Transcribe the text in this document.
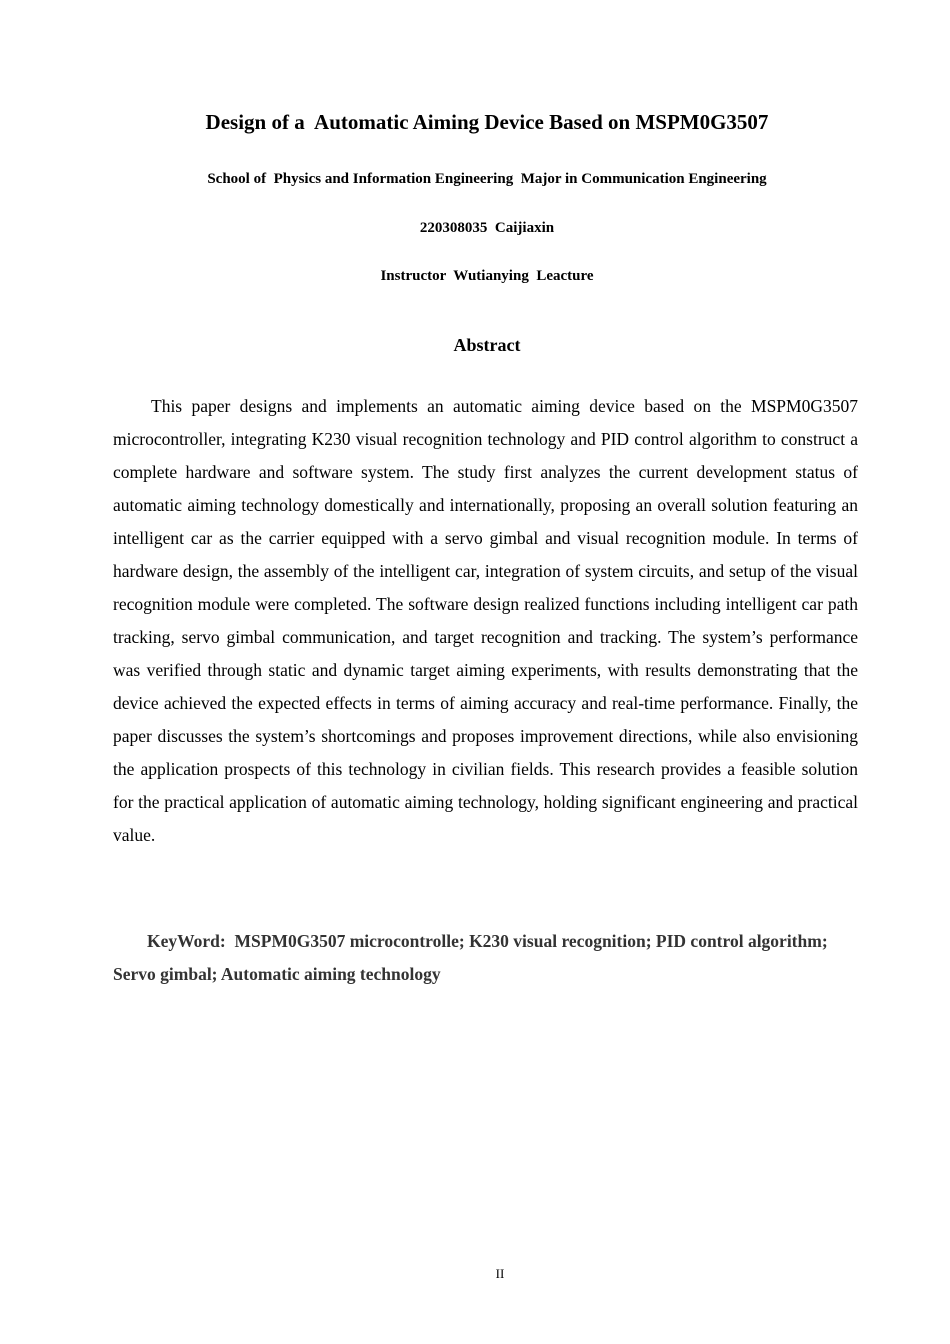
Design of a  Automatic Aiming Device Based on MSPM0G3507
School of  Physics and Information Engineering  Major in Communication Engineering
220308035  Caijiaxin
Instructor  Wutianying  Leacture
Abstract

This paper designs and implements an automatic aiming device based on the MSPM0G3507 microcontroller, integrating K230 visual recognition technology and PID control algorithm to construct a complete hardware and software system. The study first analyzes the current development status of automatic aiming technology domestically and internationally, proposing an overall solution featuring an intelligent car as the carrier equipped with a servo gimbal and visual recognition module. In terms of hardware design, the assembly of the intelligent car, integration of system circuits, and setup of the visual recognition module were completed. The software design realized functions including intelligent car path tracking, servo gimbal communication, and target recognition and tracking. The system’s performance was verified through static and dynamic target aiming experiments, with results demonstrating that the device achieved the expected effects in terms of aiming accuracy and real-time performance. Finally, the paper discusses the system’s shortcomings and proposes improvement directions, while also envisioning the application prospects of this technology in civilian fields. This research provides a feasible solution for the practical application of automatic aiming technology, holding significant engineering and practical value.

KeyWord: MSPM0G3507 microcontrolle; K230 visual recognition; PID control algorithm; Servo gimbal; Automatic aiming technology

II
